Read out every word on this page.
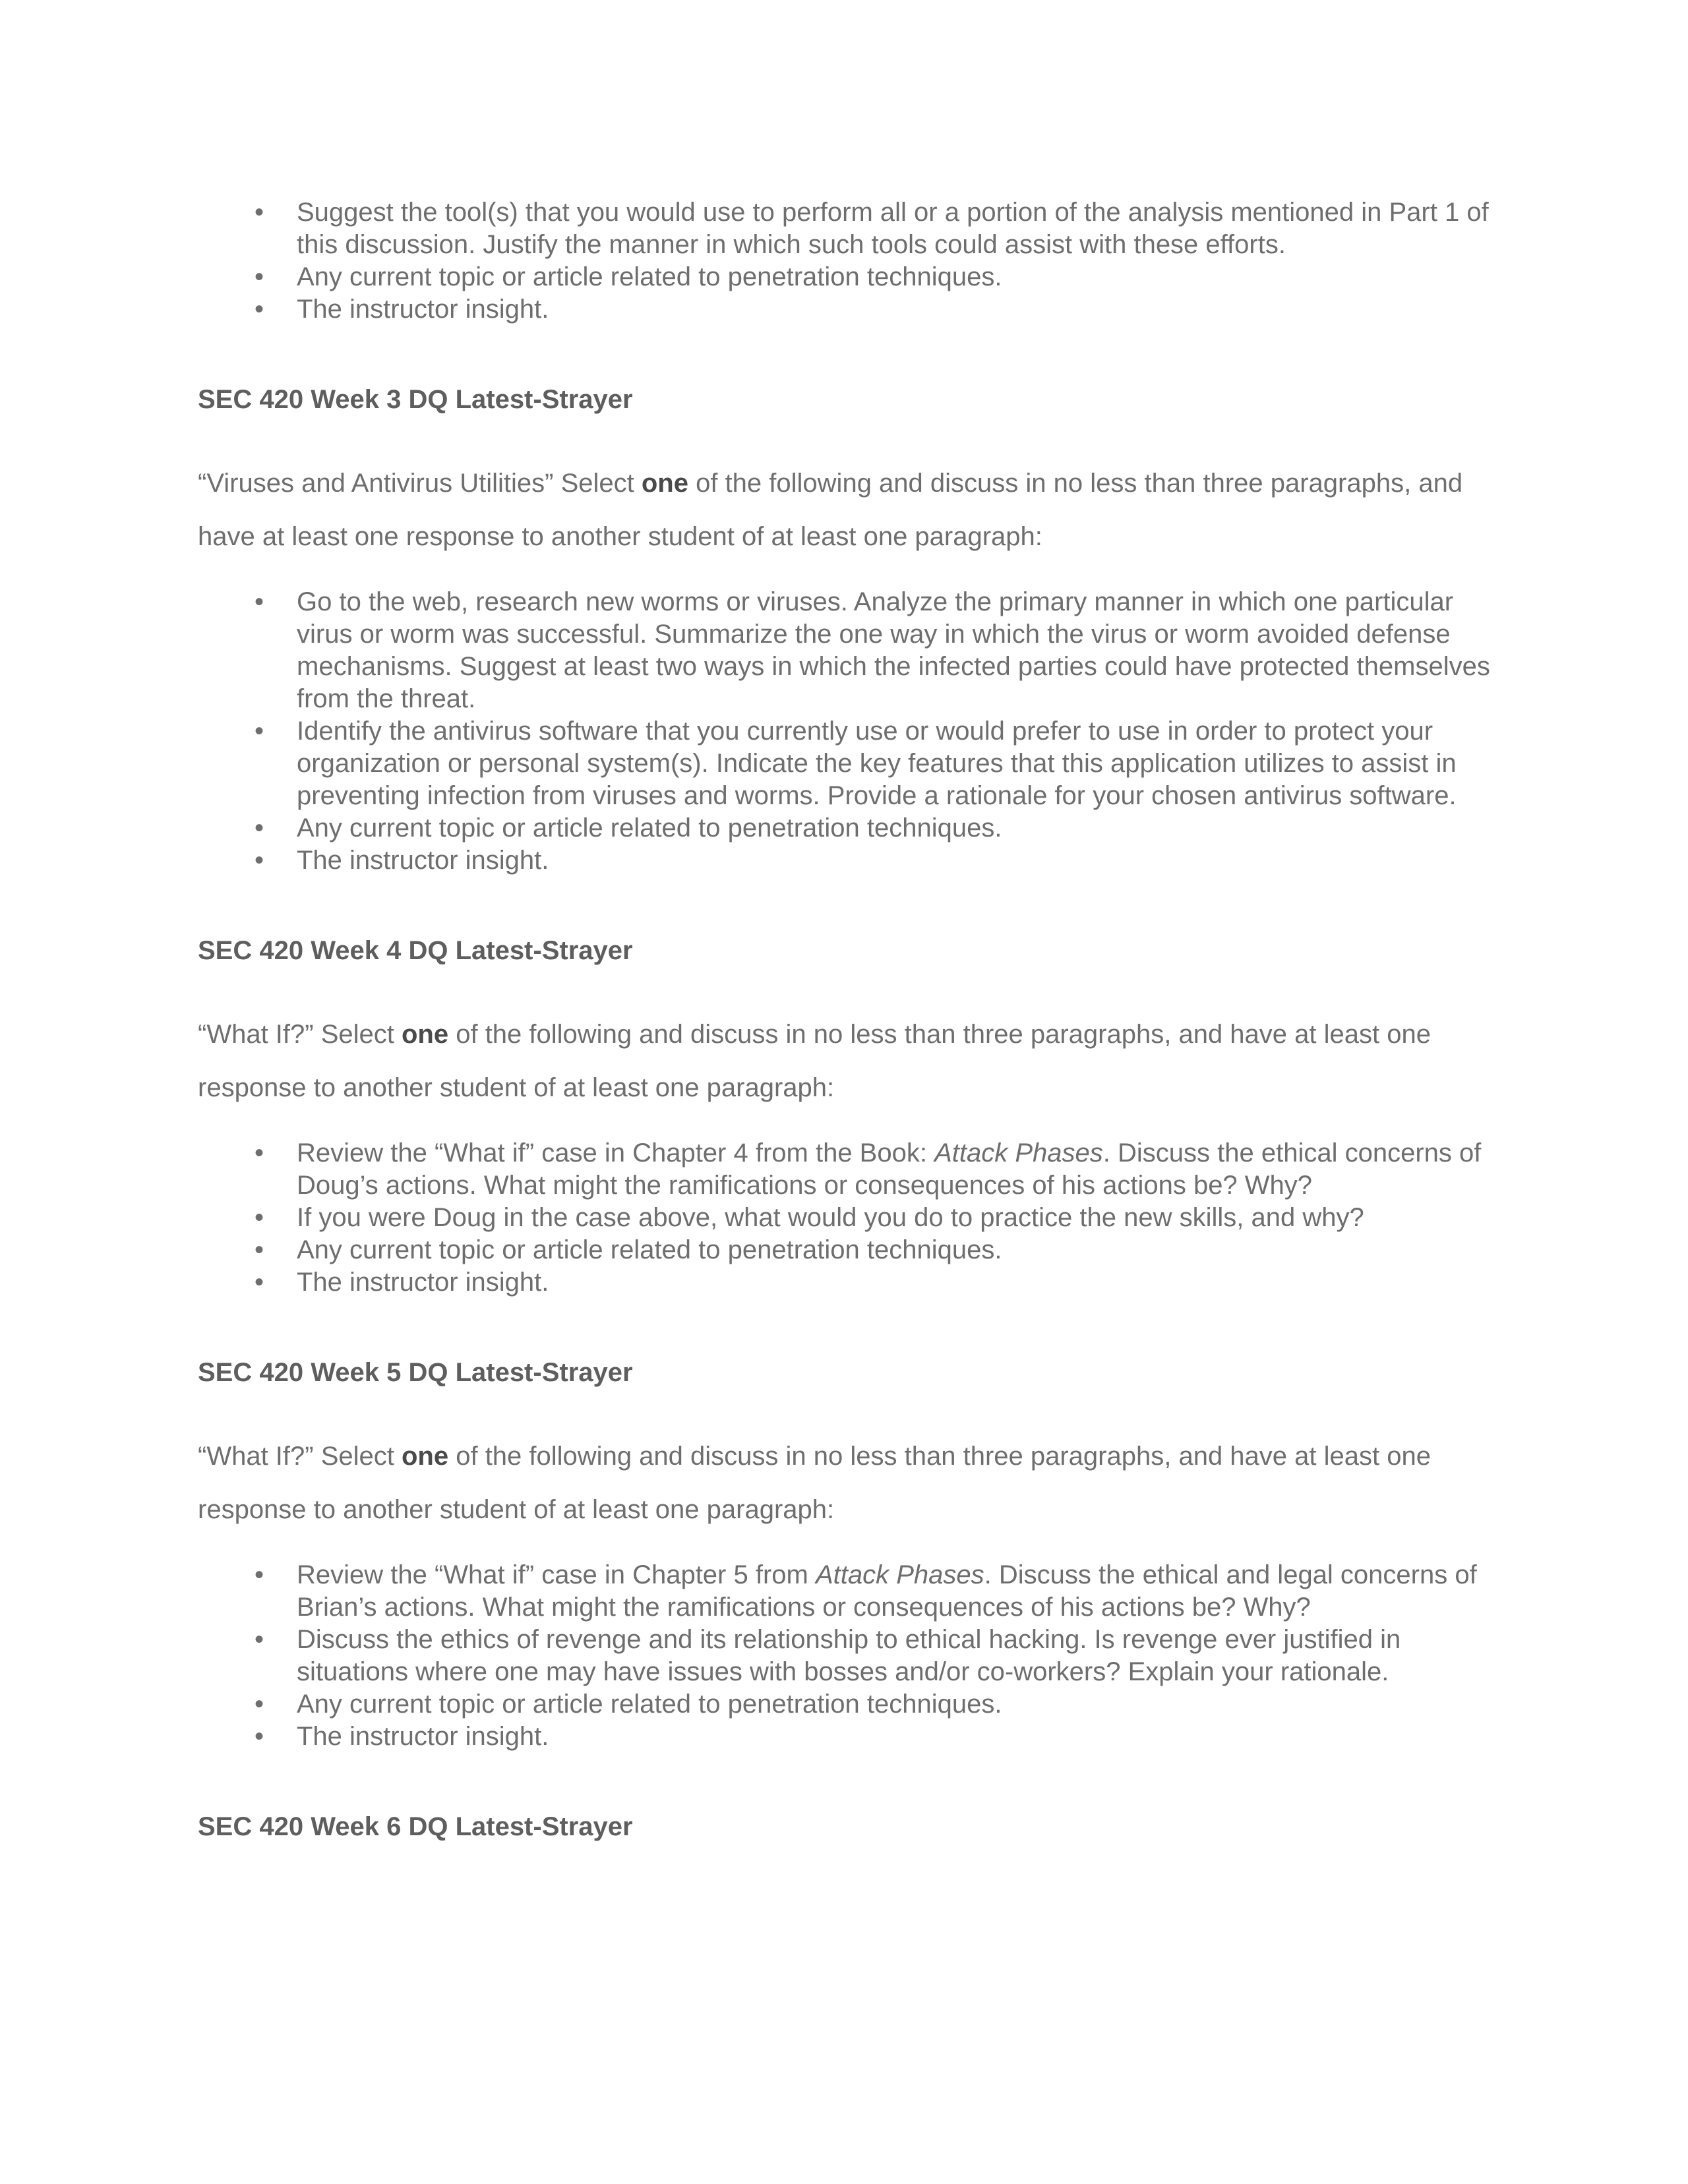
• Suggest the tool(s) that you would use to perform all or a portion of the analysis mentioned in Part 1 of this discussion. Justify the manner in which such tools could assist with these efforts.
• Any current topic or article related to penetration techniques.
• The instructor insight.

SEC 420 Week 3 DQ Latest-Strayer

“Viruses and Antivirus Utilities” Select one of the following and discuss in no less than three paragraphs, and have at least one response to another student of at least one paragraph:

• Go to the web, research new worms or viruses. Analyze the primary manner in which one particular virus or worm was successful. Summarize the one way in which the virus or worm avoided defense mechanisms. Suggest at least two ways in which the infected parties could have protected themselves from the threat.
• Identify the antivirus software that you currently use or would prefer to use in order to protect your organization or personal system(s). Indicate the key features that this application utilizes to assist in preventing infection from viruses and worms. Provide a rationale for your chosen antivirus software.
• Any current topic or article related to penetration techniques.
• The instructor insight.

SEC 420 Week 4 DQ Latest-Strayer

“What If?” Select one of the following and discuss in no less than three paragraphs, and have at least one response to another student of at least one paragraph:

• Review the “What if” case in Chapter 4 from the Book: Attack Phases. Discuss the ethical concerns of Doug’s actions. What might the ramifications or consequences of his actions be? Why?
• If you were Doug in the case above, what would you do to practice the new skills, and why?
• Any current topic or article related to penetration techniques.
• The instructor insight.

SEC 420 Week 5 DQ Latest-Strayer

“What If?” Select one of the following and discuss in no less than three paragraphs, and have at least one response to another student of at least one paragraph:

• Review the “What if” case in Chapter 5 from Attack Phases. Discuss the ethical and legal concerns of Brian’s actions. What might the ramifications or consequences of his actions be? Why?
• Discuss the ethics of revenge and its relationship to ethical hacking. Is revenge ever justified in situations where one may have issues with bosses and/or co-workers? Explain your rationale.
• Any current topic or article related to penetration techniques.
• The instructor insight.

SEC 420 Week 6 DQ Latest-Strayer
